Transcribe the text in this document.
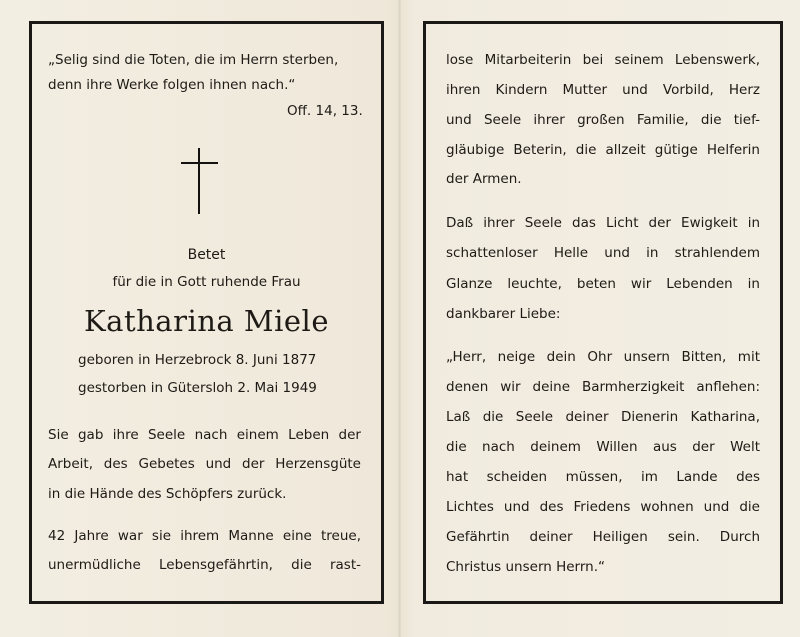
„Selig sind die Toten, die im Herrn sterben,
denn ihre Werke folgen ihnen nach.“
Off. 14, 13.
Betet
für die in Gott ruhende Frau
Katharina Miele
geboren in Herzebrock 8. Juni 1877
gestorben in Gütersloh 2. Mai 1949
Sie gab ihre Seele nach einem Leben der
Arbeit, des Gebetes und der Herzensgüte
in die Hände des Schöpfers zurück.
42 Jahre war sie ihrem Manne eine treue,
unermüdliche Lebensgefährtin, die rast-
lose Mitarbeiterin bei seinem Lebenswerk,
ihren Kindern Mutter und Vorbild, Herz
und Seele ihrer großen Familie, die tief-
gläubige Beterin, die allzeit gütige Helferin
der Armen.
Daß ihrer Seele das Licht der Ewigkeit in
schattenloser Helle und in strahlendem
Glanze leuchte, beten wir Lebenden in
dankbarer Liebe:
„Herr, neige dein Ohr unsern Bitten, mit
denen wir deine Barmherzigkeit anflehen:
Laß die Seele deiner Dienerin Katharina,
die nach deinem Willen aus der Welt
hat scheiden müssen, im Lande des
Lichtes und des Friedens wohnen und die
Gefährtin deiner Heiligen sein. Durch
Christus unsern Herrn.“
